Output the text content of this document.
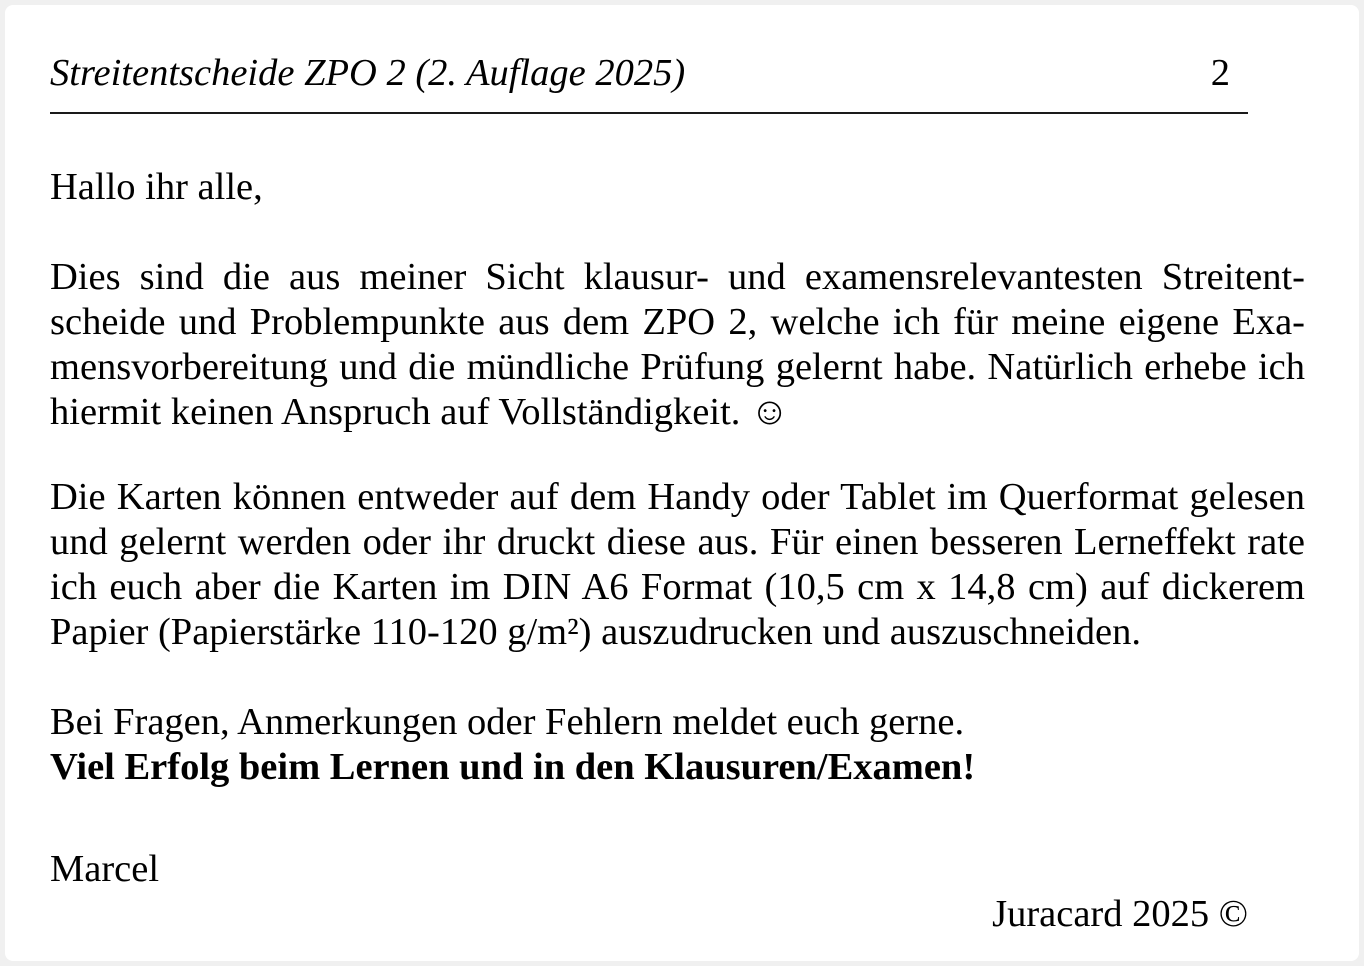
Streitentscheide ZPO 2 (2. Auflage 2025)	2
Hallo ihr alle,
Dies sind die aus meiner Sicht klausur- und examensrelevantesten Streitent-
scheide und Problempunkte aus dem ZPO 2, welche ich für meine eigene Exa-
mensvorbereitung und die mündliche Prüfung gelernt habe. Natürlich erhebe ich
hiermit keinen Anspruch auf Vollständigkeit. ☺
Die Karten können entweder auf dem Handy oder Tablet im Querformat gelesen
und gelernt werden oder ihr druckt diese aus. Für einen besseren Lerneffekt rate
ich euch aber die Karten im DIN A6 Format (10,5 cm x 14,8 cm) auf dickerem
Papier (Papierstärke 110-120 g/m²) auszudrucken und auszuschneiden.
Bei Fragen, Anmerkungen oder Fehlern meldet euch gerne.
Viel Erfolg beim Lernen und in den Klausuren/Examen!
Marcel
Juracard 2025 ©
